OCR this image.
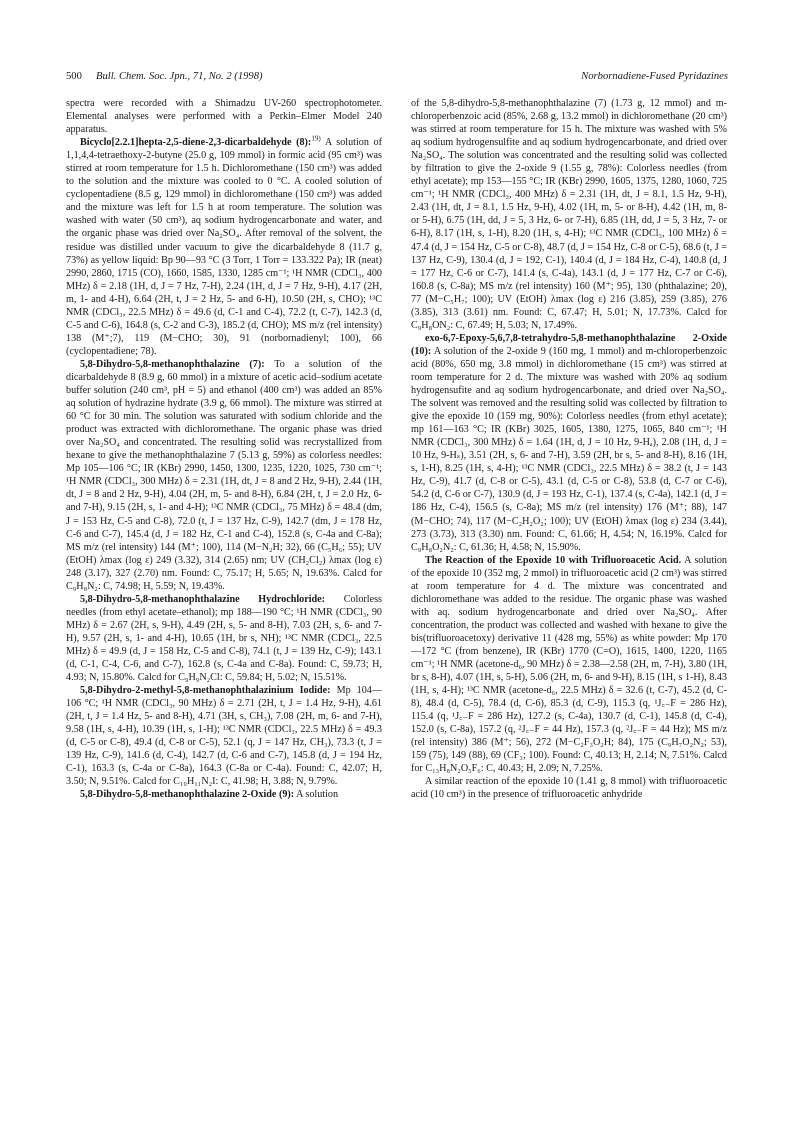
500 Bull. Chem. Soc. Jpn., 71, No. 2 (1998)	Norbornadiene-Fused Pyridazines

spectra were recorded with a Shimadzu UV-260 spectrophotometer. Elemental analyses were performed with a Perkin–Elmer Model 240 apparatus.

Bicyclo[2.2.1]hepta-2,5-diene-2,3-dicarbaldehyde (8):$^{19)}$ A solution of 1,1,4,4-tetraethoxy-2-butyne (25.0 g, 109 mmol) in formic acid (95 cm³) was stirred at room temperature for 1.5 h. Dichloromethane (150 cm³) was added to the solution and the mixture was cooled to 0 °C. A cooled solution of cyclopentadiene (8.5 g, 129 mmol) in dichloromethane (150 cm³) was added and the mixture was left for 1.5 h at room temperature. The solution was washed with water (50 cm³), aq sodium hydrogencarbonate and water, and the organic phase was dried over Na₂SO₄. After removal of the solvent, the residue was distilled under vacuum to give the dicarbaldehyde 8 (11.7 g, 73%) as yellow liquid: Bp 90—93 °C (3 Torr, 1 Torr = 133.322 Pa); IR (neat) 2990, 2860, 1715 (CO), 1660, 1585, 1330, 1285 cm⁻¹; ¹H NMR (CDCl₃, 400 MHz) δ = 2.18 (1H, d, J = 7 Hz, 7-H), 2.24 (1H, d, J = 7 Hz, 9-H), 4.17 (2H, m, 1- and 4-H), 6.64 (2H, t, J = 2 Hz, 5- and 6-H), 10.50 (2H, s, CHO); ¹³C NMR (CDCl₃, 22.5 MHz) δ = 49.6 (d, C-1 and C-4), 72.2 (t, C-7), 142.3 (d, C-5 and C-6), 164.8 (s, C-2 and C-3), 185.2 (d, CHO); MS m/z (rel intensity) 138 (M⁺;7), 119 (M−CHO; 30), 91 (norbornadienyl; 100), 66 (cyclopentadiene; 78).

5,8-Dihydro-5,8-methanophthalazine (7): To a solution of the dicarbaldehyde 8 (8.9 g, 60 mmol) in a mixture of acetic acid–sodium acetate buffer solution (240 cm³, pH = 5) and ethanol (400 cm³) was added an 85% aq solution of hydrazine hydrate (3.9 g, 66 mmol). The mixture was stirred at 60 °C for 30 min. The solution was saturated with sodium chloride and the product was extracted with dichloromethane. The organic phase was dried over Na₂SO₄ and concentrated. The resulting solid was recrystallized from hexane to give the methanophthalazine 7 (5.13 g, 59%) as colorless needles: Mp 105—106 °C; IR (KBr) 2990, 1450, 1300, 1235, 1220, 1025, 730 cm⁻¹; ¹H NMR (CDCl₃, 300 MHz) δ = 2.31 (1H, dt, J = 8 and 2 Hz, 9-H), 2.44 (1H, dt, J = 8 and 2 Hz, 9-H), 4.04 (2H, m, 5- and 8-H), 6.84 (2H, t, J = 2.0 Hz, 6- and 7-H), 9.15 (2H, s, 1- and 4-H); ¹³C NMR (CDCl₃, 75 MHz) δ = 48.4 (dm, J = 153 Hz, C-5 and C-8), 72.0 (t, J = 137 Hz, C-9), 142.7 (dm, J = 178 Hz, C-6 and C-7), 145.4 (d, J = 182 Hz, C-1 and C-4), 152.8 (s, C-4a and C-8a); MS m/z (rel intensity) 144 (M⁺; 100), 114 (M−N₂H; 32), 66 (C₅H₆; 55); UV (EtOH) λmax (log ε) 249 (3.32), 314 (2.65) nm; UV (CH₂Cl₂) λmax (log ε) 248 (3.17), 327 (2.70) nm. Found: C, 75.17; H, 5.65; N, 19.63%. Calcd for C₉H₈N₂: C, 74.98; H, 5.59; N, 19.43%.

5,8-Dihydro-5,8-methanophthalazine Hydrochloride: Colorless needles (from ethyl acetate–ethanol); mp 188—190 °C; ¹H NMR (CDCl₃, 90 MHz) δ = 2.67 (2H, s, 9-H), 4.49 (2H, s, 5- and 8-H), 7.03 (2H, s, 6- and 7-H), 9.57 (2H, s, 1- and 4-H), 10.65 (1H, br s, NH); ¹³C NMR (CDCl₃, 22.5 MHz) δ = 49.9 (d, J = 158 Hz, C-5 and C-8), 74.1 (t, J = 139 Hz, C-9); 143.1 (d, C-1, C-4, C-6, and C-7), 162.8 (s, C-4a and C-8a). Found: C, 59.73; H, 4.93; N, 15.80%. Calcd for C₉H₉N₂Cl: C, 59.84; H, 5.02; N, 15.51%.

5,8-Dihydro-2-methyl-5,8-methanophthalazinium Iodide: Mp 104—106 °C; ¹H NMR (CDCl₃, 90 MHz) δ = 2.71 (2H, t, J = 1.4 Hz, 9-H), 4.61 (2H, t, J = 1.4 Hz, 5- and 8-H), 4.71 (3H, s, CH₃), 7.08 (2H, m, 6- and 7-H), 9.58 (1H, s, 4-H), 10.39 (1H, s, 1-H); ¹³C NMR (CDCl₃, 22.5 MHz) δ = 49.3 (d, C-5 or C-8), 49.4 (d, C-8 or C-5), 52.1 (q, J = 147 Hz, CH₃), 73.3 (t, J = 139 Hz, C-9), 141.6 (d, C-4), 142.7 (d, C-6 and C-7), 145.8 (d, J = 194 Hz, C-1), 163.3 (s, C-4a or C-8a), 164.3 (C-8a or C-4a). Found: C, 42.07; H, 3.50; N, 9.51%. Calcd for C₁₀H₁₁N₂I: C, 41.98; H, 3.88; N, 9.79%.

5,8-Dihydro-5,8-methanophthalazine 2-Oxide (9): A solution

of the 5,8-dihydro-5,8-methanophthalazine (7) (1.73 g, 12 mmol) and m-chloroperbenzoic acid (85%, 2.68 g, 13.2 mmol) in dichloromethane (20 cm³) was stirred at room temperature for 15 h. The mixture was washed with 5% aq sodium hydrogensulfite and aq sodium hydrogencarbonate, and dried over Na₂SO₄. The solution was concentrated and the resulting solid was collected by filtration to give the 2-oxide 9 (1.55 g, 78%): Colorless needles (from ethyl acetate); mp 153—155 °C; IR (KBr) 2990, 1605, 1375, 1280, 1060, 725 cm⁻¹; ¹H NMR (CDCl₃, 400 MHz) δ = 2.31 (1H, dt, J = 8.1, 1.5 Hz, 9-H), 2.43 (1H, dt, J = 8.1, 1.5 Hz, 9-H), 4.02 (1H, m, 5- or 8-H), 4.42 (1H, m, 8- or 5-H), 6.75 (1H, dd, J = 5, 3 Hz, 6- or 7-H), 6.85 (1H, dd, J = 5, 3 Hz, 7- or 6-H), 8.17 (1H, s, 1-H), 8.20 (1H, s, 4-H); ¹³C NMR (CDCl₃, 100 MHz) δ = 47.4 (d, J = 154 Hz, C-5 or C-8), 48.7 (d, J = 154 Hz, C-8 or C-5), 68.6 (t, J = 137 Hz, C-9), 130.4 (d, J = 192, C-1), 140.4 (d, J = 184 Hz, C-4), 140.8 (d, J = 177 Hz, C-6 or C-7), 141.4 (s, C-4a), 143.1 (d, J = 177 Hz, C-7 or C-6), 160.8 (s, C-8a); MS m/z (rel intensity) 160 (M⁺; 95), 130 (phthalazine; 20), 77 (M−C₅H₇; 100); UV (EtOH) λmax (log ε) 216 (3.85), 259 (3.85), 276 (3.85), 313 (3.61) nm. Found: C, 67.47; H, 5.01; N, 17.73%. Calcd for C₉H₈ON₂: C, 67.49; H, 5.03; N, 17.49%.

exo-6,7-Epoxy-5,6,7,8-tetrahydro-5,8-methanophthalazine 2-Oxide (10): A solution of the 2-oxide 9 (160 mg, 1 mmol) and m-chloroperbenzoic acid (80%, 650 mg, 3.8 mmol) in dichloromethane (15 cm³) was stirred at room temperature for 2 d. The mixture was washed with 20% aq sodium hydrogensufite and aq sodium hydrogencarbonate, and dried over Na₂SO₄. The solvent was removed and the resulting solid was collected by filtration to give the epoxide 10 (159 mg, 90%): Colorless needles (from ethyl acetate); mp 161—163 °C; IR (KBr) 3025, 1605, 1380, 1275, 1065, 840 cm⁻¹; ¹H NMR (CDCl₃, 300 MHz) δ = 1.64 (1H, d, J = 10 Hz, 9-Hₐ), 2.08 (1H, d, J = 10 Hz, 9-Hₛ), 3.51 (2H, s, 6- and 7-H), 3.59 (2H, br s, 5- and 8-H), 8.16 (1H, s, 1-H), 8.25 (1H, s, 4-H); ¹³C NMR (CDCl₃, 22.5 MHz) δ = 38.2 (t, J = 143 Hz, C-9), 41.7 (d, C-8 or C-5), 43.1 (d, C-5 or C-8), 53.8 (d, C-7 or C-6), 54.2 (d, C-6 or C-7), 130.9 (d, J = 193 Hz, C-1), 137.4 (s, C-4a), 142.1 (d, J = 186 Hz, C-4), 156.5 (s, C-8a); MS m/z (rel intensity) 176 (M⁺; 88), 147 (M−CHO; 74), 117 (M−C₂H₂O₂; 100); UV (EtOH) λmax (log ε) 234 (3.44), 273 (3.73), 313 (3.30) nm. Found: C, 61.66; H, 4.54; N, 16.19%. Calcd for C₉H₈O₂N₂: C, 61.36; H, 4.58; N, 15.90%.

The Reaction of the Epoxide 10 with Trifluoroacetic Acid. A solution of the epoxide 10 (352 mg, 2 mmol) in trifluoroacetic acid (2 cm³) was stirred at room temperature for 4 d. The mixture was concentrated and dichloromethane was added to the residue. The organic phase was washed with aq. sodium hydrogencarbonate and dried over Na₂SO₄. After concentration, the product was collected and washed with hexane to give the bis(trifluoroacetoxy) derivative 11 (428 mg, 55%) as white powder: Mp 170—172 °C (from benzene), IR (KBr) 1770 (C=O), 1615, 1400, 1220, 1165 cm⁻¹; ¹H NMR (acetone-d₆, 90 MHz) δ = 2.38—2.58 (2H, m, 7-H), 3.80 (1H, br s, 8-H), 4.07 (1H, s, 5-H), 5.06 (2H, m, 6- and 9-H), 8.15 (1H, s 1-H), 8.43 (1H, s, 4-H); ¹³C NMR (acetone-d₆, 22.5 MHz) δ = 32.6 (t, C-7), 45.2 (d, C-8), 48.4 (d, C-5), 78.4 (d, C-6), 85.3 (d, C-9), 115.3 (q, ¹J꜀₋F = 286 Hz), 115.4 (q, ¹J꜀₋F = 286 Hz), 127.2 (s, C-4a), 130.7 (d, C-1), 145.8 (d, C-4), 152.0 (s, C-8a), 157.2 (q, ²J꜀₋F = 44 Hz), 157.3 (q, ²J꜀₋F = 44 Hz); MS m/z (rel intensity) 386 (M⁺; 56), 272 (M−C₂F₃O₂H; 84), 175 (C₉H₇O₂N₂; 53), 159 (75), 149 (88), 69 (CF₃; 100). Found: C, 40.13; H, 2.14; N, 7.51%. Calcd for C₁₃H₈N₂O₅F₆: C, 40.43; H, 2.09; N, 7.25%.

A similar reaction of the epoxide 10 (1.41 g, 8 mmol) with trifluoroacetic acid (10 cm³) in the presence of trifluoroacetic anhydride
